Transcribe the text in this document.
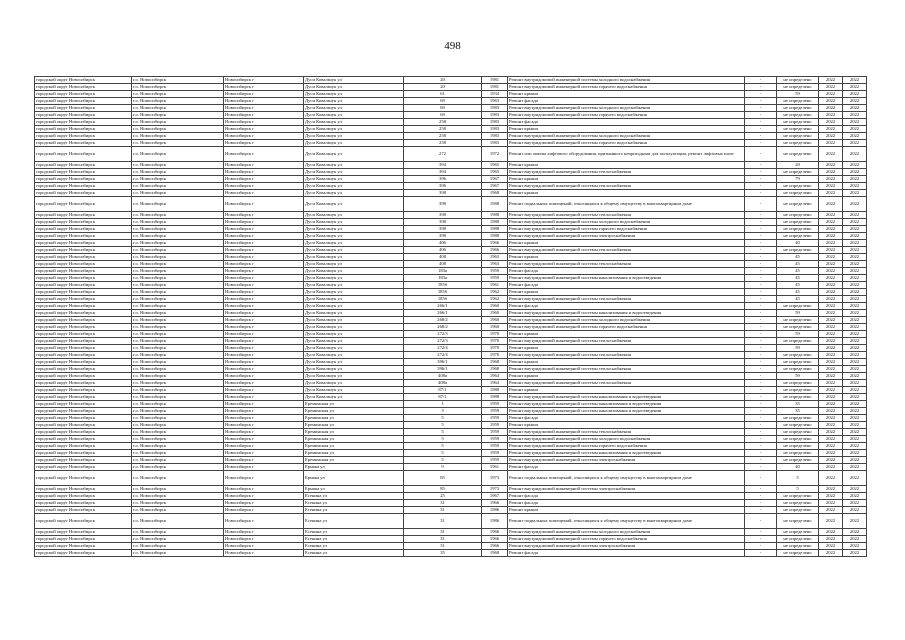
498
городской округ Новосибирск	г.о. Новосибирск	Новосибирск г	Дуси Ковальчук ул	20	1981	Ремонт внутридомовой инженерной системы холодного водоснабжения	-	не определено	2022	2022
городской округ Новосибирск	г.о. Новосибирск	Новосибирск г	Дуси Ковальчук ул	20	1981	Ремонт внутридомовой инженерной системы горячего водоснабжения	-	не определено	2022	2022
городской округ Новосибирск	г.о. Новосибирск	Новосибирск г	Дуси Ковальчук ул	61	1934	Ремонт крыши	-	59	2022	2022
городской округ Новосибирск	г.о. Новосибирск	Новосибирск г	Дуси Ковальчук ул	69	1963	Ремонт фасада	-	не определено	2022	2022
городской округ Новосибирск	г.о. Новосибирск	Новосибирск г	Дуси Ковальчук ул	69	1983	Ремонт внутридомовой инженерной системы холодного водоснабжения	-	не определено	2022	2022
городской округ Новосибирск	г.о. Новосибирск	Новосибирск г	Дуси Ковальчук ул	69	1983	Ремонт внутридомовой инженерной системы горячего водоснабжения	-	не определено	2022	2022
городской округ Новосибирск	г.о. Новосибирск	Новосибирск г	Дуси Ковальчук ул	258	1983	Ремонт фасада	-	не определено	2022	2022
городской округ Новосибирск	г.о. Новосибирск	Новосибирск г	Дуси Ковальчук ул	258	1983	Ремонт крыши	-	не определено	2022	2022
городской округ Новосибирск	г.о. Новосибирск	Новосибирск г	Дуси Ковальчук ул	258	1983	Ремонт внутридомовой инженерной системы холодного водоснабжения	-	не определено	2022	2022
городской округ Новосибирск	г.о. Новосибирск	Новосибирск г	Дуси Ковальчук ул	258	1983	Ремонт внутридомовой инженерной системы горячего водоснабжения	-	не определено	2022	2022
городской округ Новосибирск	г.о. Новосибирск	Новосибирск г	Дуси Ковальчук ул	272	1972	Ремонт или замена лифтового оборудования, признанного непригодным для эксплуатации, ремонт лифтовых шахт	-	не определено	2022	2022
городской округ Новосибирск	г.о. Новосибирск	Новосибирск г	Дуси Ковальчук ул	394	1965	Ремонт крыши	-	20	2022	2022
городской округ Новосибирск	г.о. Новосибирск	Новосибирск г	Дуси Ковальчук ул	394	1965	Ремонт внутридомовой инженерной системы теплоснабжения	-	не определено	2022	2022
городской округ Новосибирск	г.о. Новосибирск	Новосибирск г	Дуси Ковальчук ул	396	1967	Ремонт крыши	-	79	2022	2022
городской округ Новосибирск	г.о. Новосибирск	Новосибирск г	Дуси Ковальчук ул	396	1967	Ремонт внутридомовой инженерной системы теплоснабжения	-	не определено	2022	2022
городской округ Новосибирск	г.о. Новосибирск	Новосибирск г	Дуси Ковальчук ул	398	1968	Ремонт крыши	-	не определено	2022	2022
городской округ Новосибирск	г.о. Новосибирск	Новосибирск г	Дуси Ковальчук ул	398	1988	Ремонт подвальных помещений, относящихся к общему имуществу в многоквартирном доме	-	не определено	2022	2022
городской округ Новосибирск	г.о. Новосибирск	Новосибирск г	Дуси Ковальчук ул	398	1988	Ремонт внутридомовой инженерной системы теплоснабжения	-	не определено	2022	2022
городской округ Новосибирск	г.о. Новосибирск	Новосибирск г	Дуси Ковальчук ул	398	1988	Ремонт внутридомовой инженерной системы холодного водоснабжения	-	не определено	2022	2022
городской округ Новосибирск	г.о. Новосибирск	Новосибирск г	Дуси Ковальчук ул	398	1988	Ремонт внутридомовой инженерной системы горячего водоснабжения	-	не определено	2022	2022
городской округ Новосибирск	г.о. Новосибирск	Новосибирск г	Дуси Ковальчук ул	398	1988	Ремонт внутридомовой инженерной системы электроснабжения	-	не определено	2022	2022
городской округ Новосибирск	г.о. Новосибирск	Новосибирск г	Дуси Ковальчук ул	406	1966	Ремонт крыши	-	40	2022	2022
городской округ Новосибирск	г.о. Новосибирск	Новосибирск г	Дуси Ковальчук ул	406	1966	Ремонт внутридомовой инженерной системы теплоснабжения	-	не определено	2022	2022
городской округ Новосибирск	г.о. Новосибирск	Новосибирск г	Дуси Ковальчук ул	408	1963	Ремонт крыши	-	45	2022	2022
городской округ Новосибирск	г.о. Новосибирск	Новосибирск г	Дуси Ковальчук ул	408	1963	Ремонт внутридомовой инженерной системы теплоснабжения	-	45	2022	2022
городской округ Новосибирск	г.о. Новосибирск	Новосибирск г	Дуси Ковальчук ул	183а	1959	Ремонт фасада	-	45	2022	2022
городской округ Новосибирск	г.о. Новосибирск	Новосибирск г	Дуси Ковальчук ул	183а	1959	Ремонт внутридомовой инженерной системы канализования и водоотведения	-	45	2022	2022
городской округ Новосибирск	г.о. Новосибирск	Новосибирск г	Дуси Ковальчук ул	185б	1961	Ремонт фасада	-	45	2022	2022
городской округ Новосибирск	г.о. Новосибирск	Новосибирск г	Дуси Ковальчук ул	185б	1962	Ремонт крыши	-	45	2022	2022
городской округ Новосибирск	г.о. Новосибирск	Новосибирск г	Дуси Ковальчук ул	185б	1962	Ремонт внутридомовой инженерной системы теплоснабжения	-	45	2022	2022
городской округ Новосибирск	г.о. Новосибирск	Новосибирск г	Дуси Ковальчук ул	266/1	1960	Ремонт фасада	-	не определено	2022	2022
городской округ Новосибирск	г.о. Новосибирск	Новосибирск г	Дуси Ковальчук ул	266/1	1960	Ремонт внутридомовой инженерной системы канализования и водоотведения	-	59	2022	2022
городской округ Новосибирск	г.о. Новосибирск	Новосибирск г	Дуси Ковальчук ул	268/2	1960	Ремонт внутридомовой инженерной системы холодного водоснабжения	-	не определено	2022	2022
городской округ Новосибирск	г.о. Новосибирск	Новосибирск г	Дуси Ковальчук ул	268/2	1960	Ремонт внутридомовой инженерной системы горячего водоснабжения	-	не определено	2022	2022
городской округ Новосибирск	г.о. Новосибирск	Новосибирск г	Дуси Ковальчук ул	272/3	1970	Ремонт крыши	-	59	2022	2022
городской округ Новосибирск	г.о. Новосибирск	Новосибирск г	Дуси Ковальчук ул	272/3	1970	Ремонт внутридомовой инженерной системы теплоснабжения	-	не определено	2022	2022
городской округ Новосибирск	г.о. Новосибирск	Новосибирск г	Дуси Ковальчук ул	272/4	1970	Ремонт крыши	-	59	2022	2022
городской округ Новосибирск	г.о. Новосибирск	Новосибирск г	Дуси Ковальчук ул	272/4	1970	Ремонт внутридомовой инженерной системы теплоснабжения	-	не определено	2022	2022
городской округ Новосибирск	г.о. Новосибирск	Новосибирск г	Дуси Ковальчук ул	396/1	1968	Ремонт крыши	-	не определено	2022	2022
городской округ Новосибирск	г.о. Новосибирск	Новосибирск г	Дуси Ковальчук ул	396/1	1968	Ремонт внутридомовой инженерной системы теплоснабжения	-	не определено	2022	2022
городской округ Новосибирск	г.о. Новосибирск	Новосибирск г	Дуси Ковальчук ул	408а	1964	Ремонт крыши	-	59	2022	2022
городской округ Новосибирск	г.о. Новосибирск	Новосибирск г	Дуси Ковальчук ул	408а	1964	Ремонт внутридомовой инженерной системы теплоснабжения	-	не определено	2022	2022
городской округ Новосибирск	г.о. Новосибирск	Новосибирск г	Дуси Ковальчук ул	87/1	1988	Ремонт крыши	-	не определено	2022	2022
городской округ Новосибирск	г.о. Новосибирск	Новосибирск г	Дуси Ковальчук ул	87/1	1988	Ремонт внутридомовой инженерной системы канализования и водоотведения	-	не определено	2022	2022
городской округ Новосибирск	г.о. Новосибирск	Новосибирск г	Ереминская ул	1	1959	Ремонт внутридомовой инженерной системы канализования и водоотведения	-	35	2022	2022
городской округ Новосибирск	г.о. Новосибирск	Новосибирск г	Ереминская ул	3	1959	Ремонт внутридомовой инженерной системы канализования и водоотведения	-	35	2022	2022
городской округ Новосибирск	г.о. Новосибирск	Новосибирск г	Ереминская ул	5	1959	Ремонт фасада	-	не определено	2022	2022
городской округ Новосибирск	г.о. Новосибирск	Новосибирск г	Ереминская ул	5	1959	Ремонт крыши	-	не определено	2022	2022
городской округ Новосибирск	г.о. Новосибирск	Новосибирск г	Ереминская ул	5	1959	Ремонт внутридомовой инженерной системы теплоснабжения	-	не определено	2022	2022
городской округ Новосибирск	г.о. Новосибирск	Новосибирск г	Ереминская ул	5	1959	Ремонт внутридомовой инженерной системы холодного водоснабжения	-	не определено	2022	2022
городской округ Новосибирск	г.о. Новосибирск	Новосибирск г	Ереминская ул	5	1959	Ремонт внутридомовой инженерной системы горячего водоснабжения	-	не определено	2022	2022
городской округ Новосибирск	г.о. Новосибирск	Новосибирск г	Ереминская ул	5	1959	Ремонт внутридомовой инженерной системы канализования и водоотведения	-	не определено	2022	2022
городской округ Новосибирск	г.о. Новосибирск	Новосибирск г	Ереминская ул	5	1959	Ремонт внутридомовой инженерной системы электроснабжения	-	не определено	2022	2022
городской округ Новосибирск	г.о. Новосибирск	Новосибирск г	Ермака ул	9	1961	Ремонт фасада	-	40	2022	2022
городской округ Новосибирск	г.о. Новосибирск	Новосибирск г	Ермака ул	85	1973	Ремонт подвальных помещений, относящихся к общему имуществу в многоквартирном доме	-	5	2022	2022
городской округ Новосибирск	г.о. Новосибирск	Новосибирск г	Ермака ул	85	1973	Ремонт внутридомовой инженерной системы электроснабжения	-	5	2022	2022
городской округ Новосибирск	г.о. Новосибирск	Новосибирск г	Есенина ул	25	1967	Ремонт фасада	-	не определено	2022	2022
городской округ Новосибирск	г.о. Новосибирск	Новосибирск г	Есенина ул	31	1966	Ремонт фасада	-	не определено	2022	2022
городской округ Новосибирск	г.о. Новосибирск	Новосибирск г	Есенина ул	31	1986	Ремонт крыши	-	не определено	2022	2022
городской округ Новосибирск	г.о. Новосибирск	Новосибирск г	Есенина ул	31	1986	Ремонт подвальных помещений, относящихся к общему имуществу в многоквартирном доме	-	не определено	2022	2022
городской округ Новосибирск	г.о. Новосибирск	Новосибирск г	Есенина ул	31	1966	Ремонт внутридомовой инженерной системы холодного водоснабжения	-	не определено	2022	2022
городской округ Новосибирск	г.о. Новосибирск	Новосибирск г	Есенина ул	31	1966	Ремонт внутридомовой инженерной системы горячего водоснабжения	-	не определено	2022	2022
городской округ Новосибирск	г.о. Новосибирск	Новосибирск г	Есенина ул	31	1966	Ремонт внутридомовой инженерной системы электроснабжения	-	не определено	2022	2022
городской округ Новосибирск	г.о. Новосибирск	Новосибирск г	Есенина ул	35	1968	Ремонт фасада	-	не определено	2022	2022
